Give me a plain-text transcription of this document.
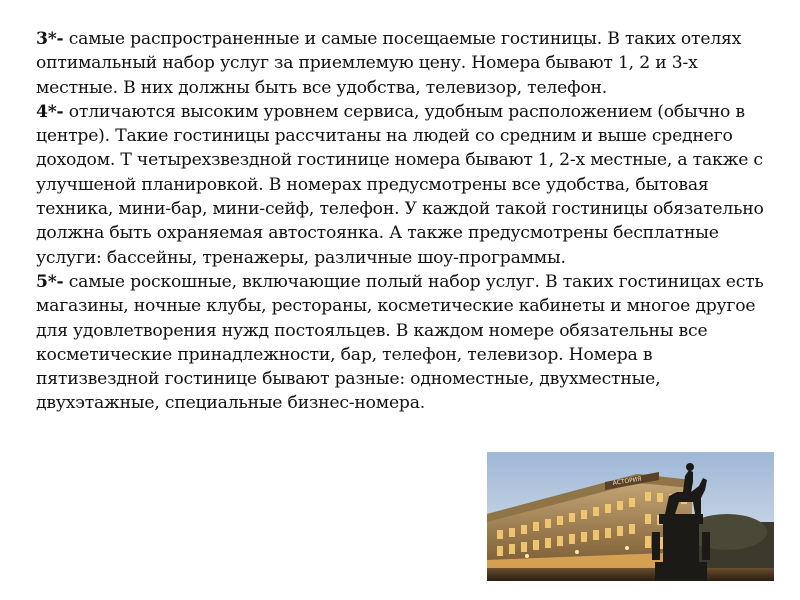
3*- самые распространенные и самые посещаемые гостиницы. В таких отелях оптимальный набор услуг за приемлемую цену. Номера бывают 1, 2 и 3-х местные. В них должны быть все удобства, телевизор, телефон.

4*- отличаются высоким уровнем сервиса, удобным расположением (обычно в центре). Такие гостиницы рассчитаны на людей со средним и выше среднего доходом. Т четырехзвездной гостинице номера бывают 1, 2-х местные, а также с улучшеной планировкой. В номерах предусмотрены все удобства, бытовая техника, мини-бар, мини-сейф, телефон. У каждой такой гостиницы обязательно должна быть охраняемая автостоянка. А также предусмотрены бесплатные услуги: бассейны, тренажеры, различные шоу-программы.

5*- самые роскошные, включающие полый набор услуг. В таких гостиницах есть магазины, ночные клубы, рестораны, косметические кабинеты и многое другое для удовлетворения нужд постояльцев. В каждом номере обязательны все косметические принадлежности, бар, телефон, телевизор. Номера в пятизвездной гостинице бывают разные: одноместные, двухместные, двухэтажные, специальные бизнес-номера.

АСТОРИЯ
